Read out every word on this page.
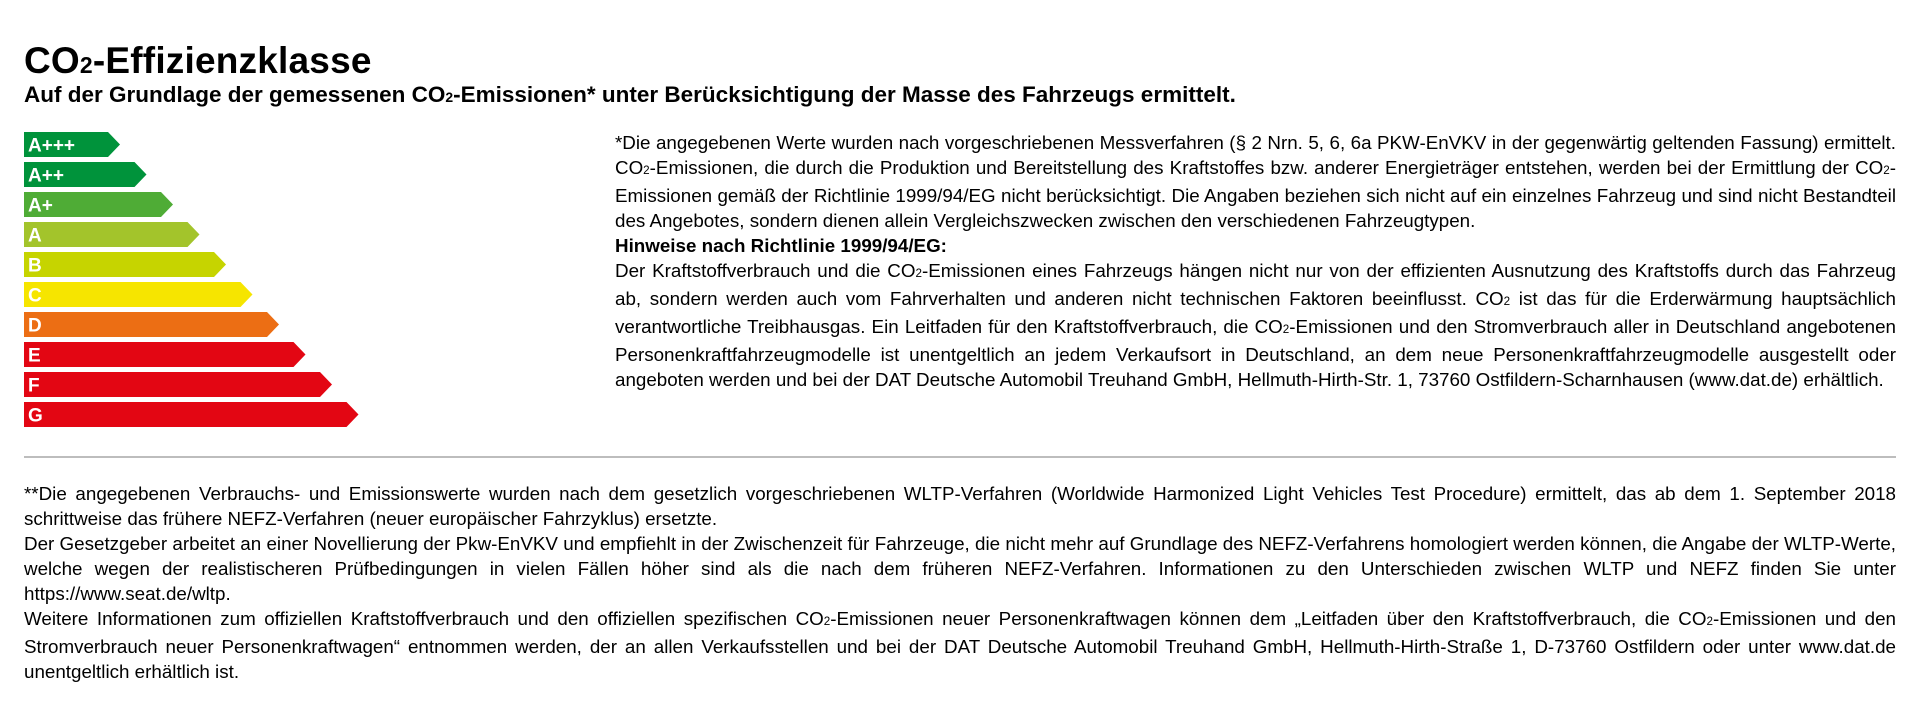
CO2-Effizienzklasse
Auf der Grundlage der gemessenen CO2-Emissionen* unter Berücksichtigung der Masse des Fahrzeugs ermittelt.
A+++
A++
A+
A
B
C
D
E
F
G

*Die angegebenen Werte wurden nach vorgeschriebenen Messverfahren (§ 2 Nrn. 5, 6, 6a PKW-EnVKV in der gegenwärtig geltenden Fassung) ermittelt. CO2-Emissionen, die durch die Produktion und Bereitstellung des Kraftstoffes bzw. anderer Energieträger entstehen, werden bei der Ermittlung der CO2-Emissionen gemäß der Richtlinie 1999/94/EG nicht berücksichtigt. Die Angaben beziehen sich nicht auf ein einzelnes Fahrzeug und sind nicht Bestandteil des Angebotes, sondern dienen allein Vergleichszwecken zwischen den verschiedenen Fahrzeugtypen.

Hinweise nach Richtlinie 1999/94/EG:

Der Kraftstoffverbrauch und die CO2-Emissionen eines Fahrzeugs hängen nicht nur von der effizienten Ausnutzung des Kraftstoffs durch das Fahrzeug ab, sondern werden auch vom Fahrverhalten und anderen nicht technischen Faktoren beeinflusst. CO2 ist das für die Erderwärmung hauptsächlich verantwortliche Treibhausgas. Ein Leitfaden für den Kraftstoffverbrauch, die CO2-Emissionen und den Stromverbrauch aller in Deutschland angebotenen Personenkraftfahrzeugmodelle ist unentgeltlich an jedem Verkaufsort in Deutschland, an dem neue Personenkraftfahrzeugmodelle ausgestellt oder angeboten werden und bei der DAT Deutsche Automobil Treuhand GmbH, Hellmuth-Hirth-Str. 1, 73760 Ostfildern-Scharnhausen (www.dat.de) erhältlich.

**Die angegebenen Verbrauchs- und Emissionswerte wurden nach dem gesetzlich vorgeschriebenen WLTP-Verfahren (Worldwide Harmonized Light Vehicles Test Procedure) ermittelt, das ab dem 1. September 2018 schrittweise das frühere NEFZ-Verfahren (neuer europäischer Fahrzyklus) ersetzte.

Der Gesetzgeber arbeitet an einer Novellierung der Pkw-EnVKV und empfiehlt in der Zwischenzeit für Fahrzeuge, die nicht mehr auf Grundlage des NEFZ-Verfahrens homologiert werden können, die Angabe der WLTP-Werte, welche wegen der realistischeren Prüfbedingungen in vielen Fällen höher sind als die nach dem früheren NEFZ-Verfahren. Informationen zu den Unterschieden zwischen WLTP und NEFZ finden Sie unter https://www.seat.de/wltp.

Weitere Informationen zum offiziellen Kraftstoffverbrauch und den offiziellen spezifischen CO2-Emissionen neuer Personenkraftwagen können dem „Leitfaden über den Kraftstoffverbrauch, die CO2-Emissionen und den Stromverbrauch neuer Personenkraftwagen“ entnommen werden, der an allen Verkaufsstellen und bei der DAT Deutsche Automobil Treuhand GmbH, Hellmuth-Hirth-Straße 1, D-73760 Ostfildern oder unter www.dat.de unentgeltlich erhältlich ist.
